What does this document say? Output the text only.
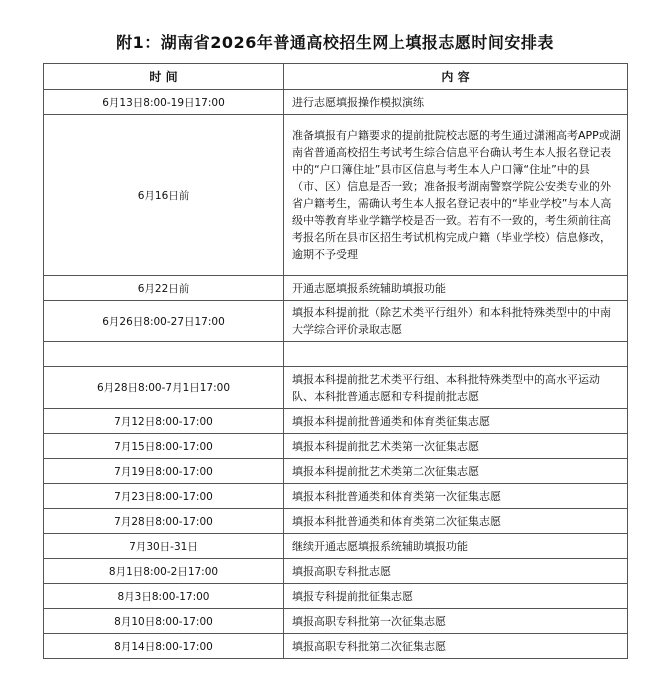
附1：湖南省2026年普通高校招生网上填报志愿时间安排表
时 间	内 容
6月13日8:00-19日17:00	进行志愿填报操作模拟演练
6月16日前	准备填报有户籍要求的提前批院校志愿的考生通过潇湘高考APP或湖南省普通高校招生考试考生综合信息平台确认考生本人报名登记表中的“户口簿住址”县市区信息与考生本人户口簿“住址”中的县（市、区）信息是否一致；准备报考湖南警察学院公安类专业的外省户籍考生，需确认考生本人报名登记表中的“毕业学校”与本人高级中等教育毕业学籍学校是否一致。若有不一致的，考生须前往高考报名所在县市区招生考试机构完成户籍（毕业学校）信息修改，逾期不予受理
6月22日前	开通志愿填报系统辅助填报功能
6月26日8:00-27日17:00	填报本科提前批（除艺术类平行组外）和本科批特殊类型中的中南大学综合评价录取志愿

6月28日8:00-7月1日17:00	填报本科提前批艺术类平行组、本科批特殊类型中的高水平运动队、本科批普通志愿和专科提前批志愿
7月12日8:00-17:00	填报本科提前批普通类和体育类征集志愿
7月15日8:00-17:00	填报本科提前批艺术类第一次征集志愿
7月19日8:00-17:00	填报本科提前批艺术类第二次征集志愿
7月23日8:00-17:00	填报本科批普通类和体育类第一次征集志愿
7月28日8:00-17:00	填报本科批普通类和体育类第二次征集志愿
7月30日-31日	继续开通志愿填报系统辅助填报功能
8月1日8:00-2日17:00	填报高职专科批志愿
8月3日8:00-17:00	填报专科提前批征集志愿
8月10日8:00-17:00	填报高职专科批第一次征集志愿
8月14日8:00-17:00	填报高职专科批第二次征集志愿
